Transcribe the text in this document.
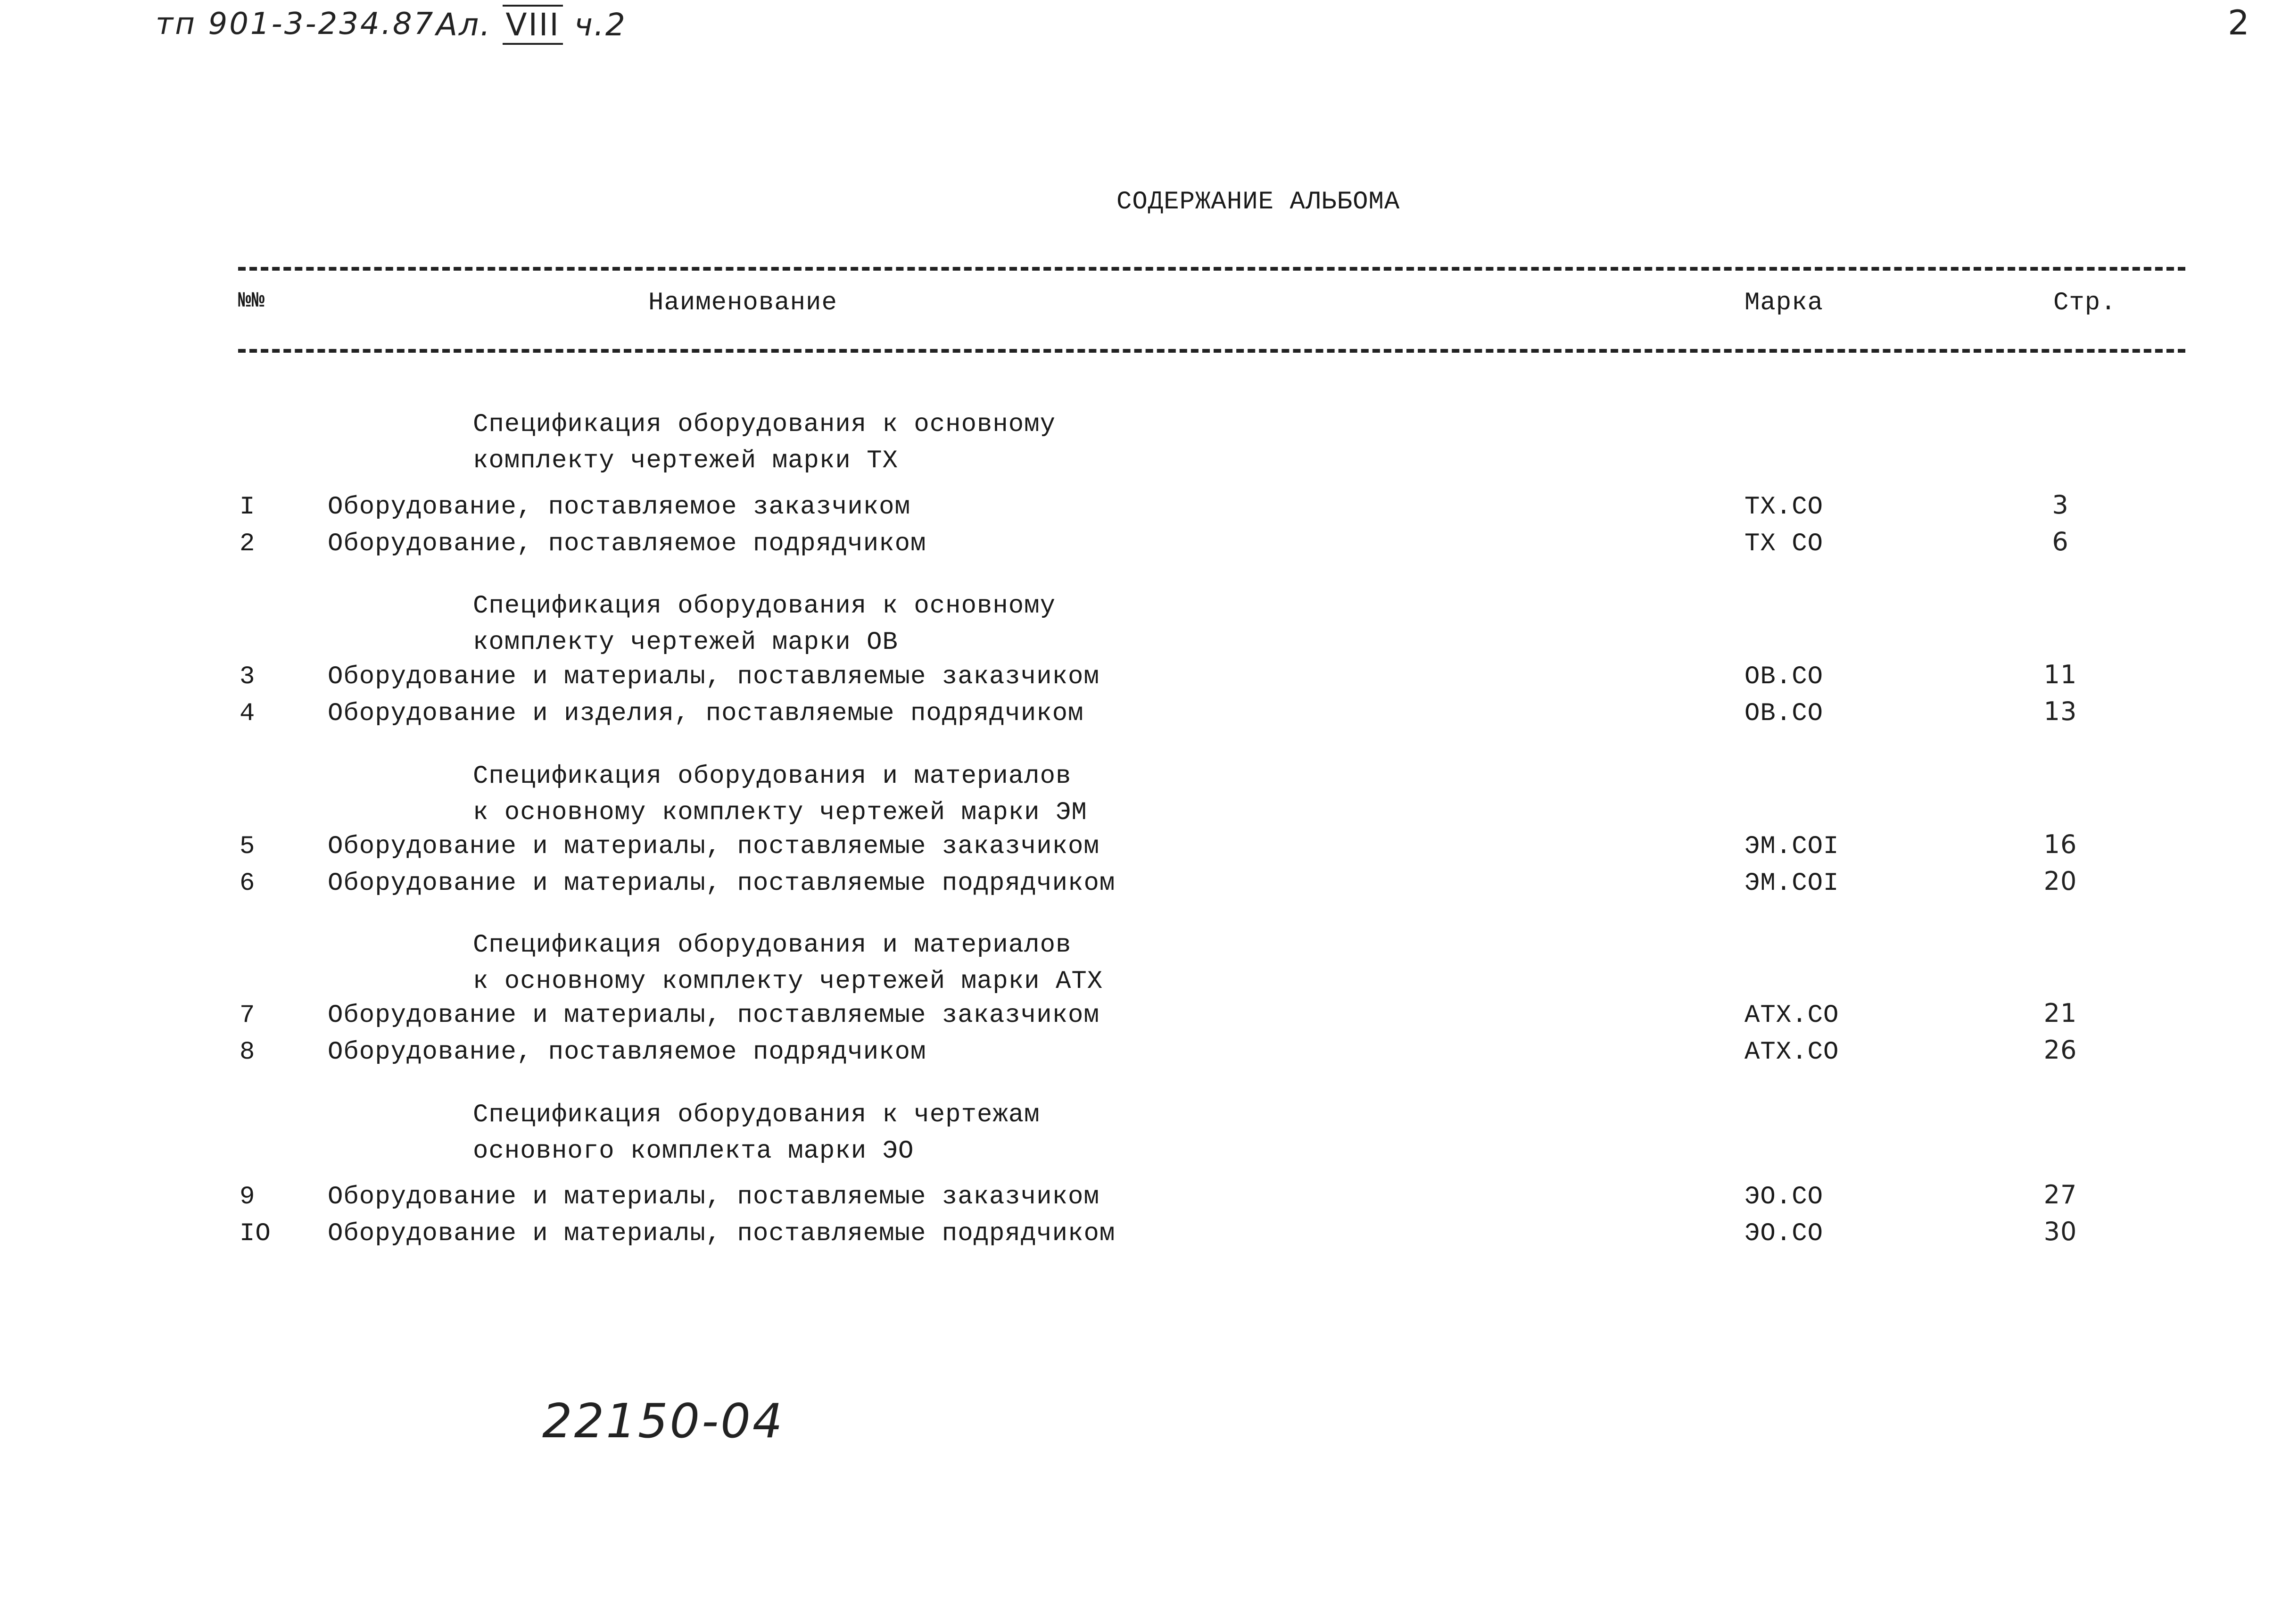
тп 901-3-234.87 Ал. VIII ч.2	2
СОДЕРЖАНИЕ АЛЬБОМА
№№	Наименование	Марка	Стр.
Спецификация оборудования к основному
комплекту чертежей марки ТХ
I	Оборудование, поставляемое заказчиком	ТХ.СО	3
2	Оборудование, поставляемое подрядчиком	ТХ СО	6
Спецификация оборудования к основному
комплекту чертежей марки ОВ
3	Оборудование и материалы, поставляемые заказчиком	ОВ.СО	11
4	Оборудование и изделия, поставляемые подрядчиком	ОВ.СО	13
Спецификация оборудования и материалов
к основному комплекту чертежей марки ЭМ
5	Оборудование и материалы, поставляемые заказчиком	ЭМ.СОI	16
6	Оборудование и материалы, поставляемые подрядчиком	ЭМ.СОI	20
Спецификация оборудования и материалов
к основному комплекту чертежей марки АТХ
7	Оборудование и материалы, поставляемые заказчиком	АТХ.СО	21
8	Оборудование, поставляемое подрядчиком	АТХ.СО	26
Спецификация оборудования к чертежам
основного комплекта марки ЭО
9	Оборудование и материалы, поставляемые заказчиком	ЭО.СО	27
IO Оборудование и материалы, поставляемые подрядчиком	ЭО.СО	30
22150-04
